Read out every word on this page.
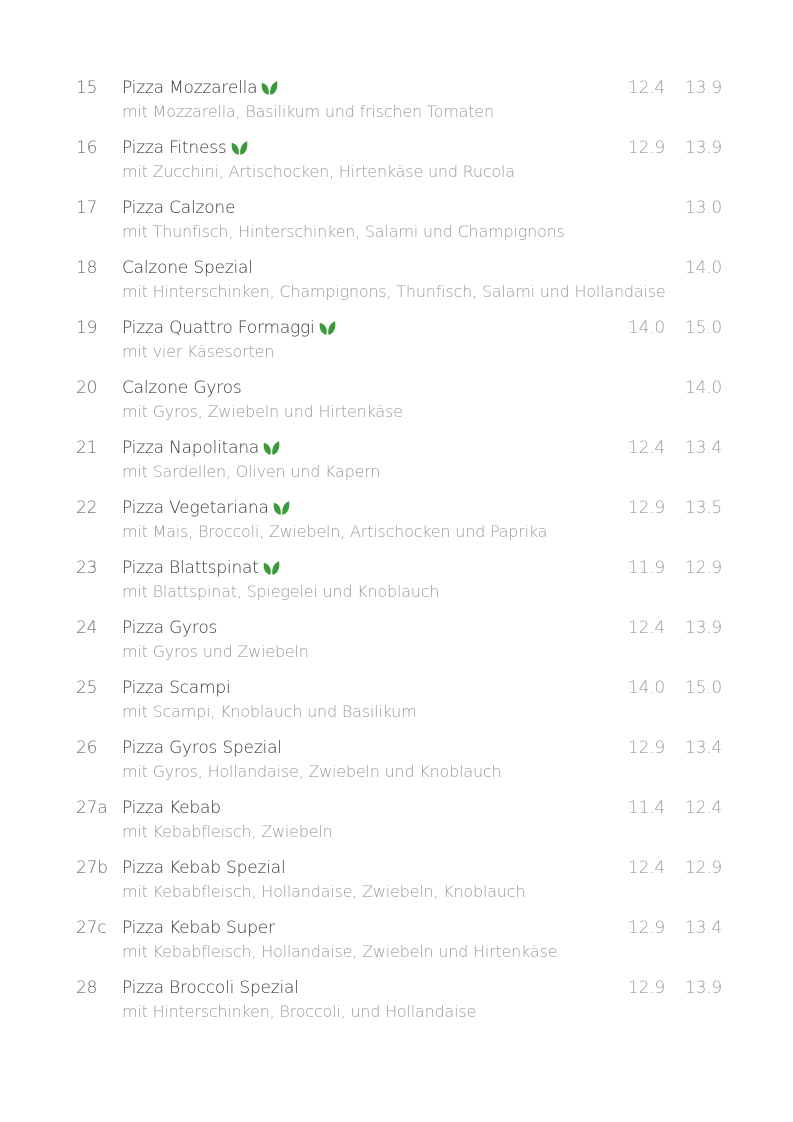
15 Pizza Mozzarella
mit Mozzarella, Basilikum und frischen Tomaten
12.4 13.9
16 Pizza Fitness
mit Zucchini, Artischocken, Hirtenkäse und Rucola
12.9 13.9
17 Pizza Calzone
mit Thunfisch, Hinterschinken, Salami und Champignons
13.0
18 Calzone Spezial
mit Hinterschinken, Champignons, Thunfisch, Salami und Hollandaise
14.0
19 Pizza Quattro Formaggi
mit vier Käsesorten
14.0 15.0
20 Calzone Gyros
mit Gyros, Zwiebeln und Hirtenkäse
14.0
21 Pizza Napolitana
mit Sardellen, Oliven und Kapern
12.4 13.4
22 Pizza Vegetariana
mit Mais, Broccoli, Zwiebeln, Artischocken und Paprika
12.9 13.5
23 Pizza Blattspinat
mit Blattspinat, Spiegelei und Knoblauch
11.9 12.9
24 Pizza Gyros
mit Gyros und Zwiebeln
12.4 13.9
25 Pizza Scampi
mit Scampi, Knoblauch und Basilikum
14.0 15.0
26 Pizza Gyros Spezial
mit Gyros, Hollandaise, Zwiebeln und Knoblauch
12.9 13.4
27a Pizza Kebab
mit Kebabfleisch, Zwiebeln
11.4 12.4
27b Pizza Kebab Spezial
mit Kebabfleisch, Hollandaise, Zwiebeln, Knoblauch
12.4 12.9
27c Pizza Kebab Super
mit Kebabfleisch, Hollandaise, Zwiebeln und Hirtenkäse
12.9 13.4
28 Pizza Broccoli Spezial
mit Hinterschinken, Broccoli, und Hollandaise
12.9 13.9
